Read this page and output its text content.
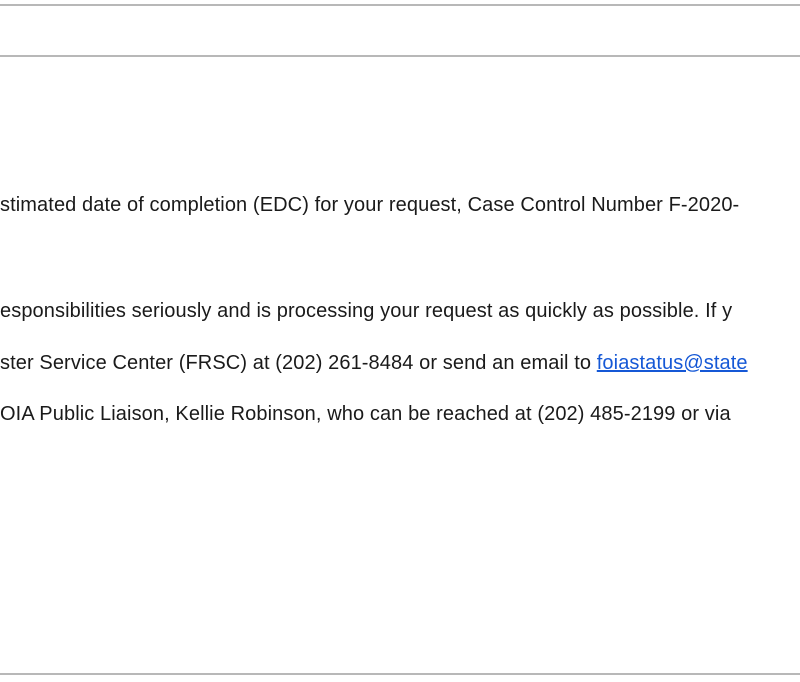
stimated date of completion (EDC) for your request, Case Control Number F-2020-
esponsibilities seriously and is processing your request as quickly as possible. If y
ster Service Center (FRSC) at (202) 261-8484 or send an email to foiastatus@state
OIA Public Liaison, Kellie Robinson, who can be reached at (202) 485-2199 or via
